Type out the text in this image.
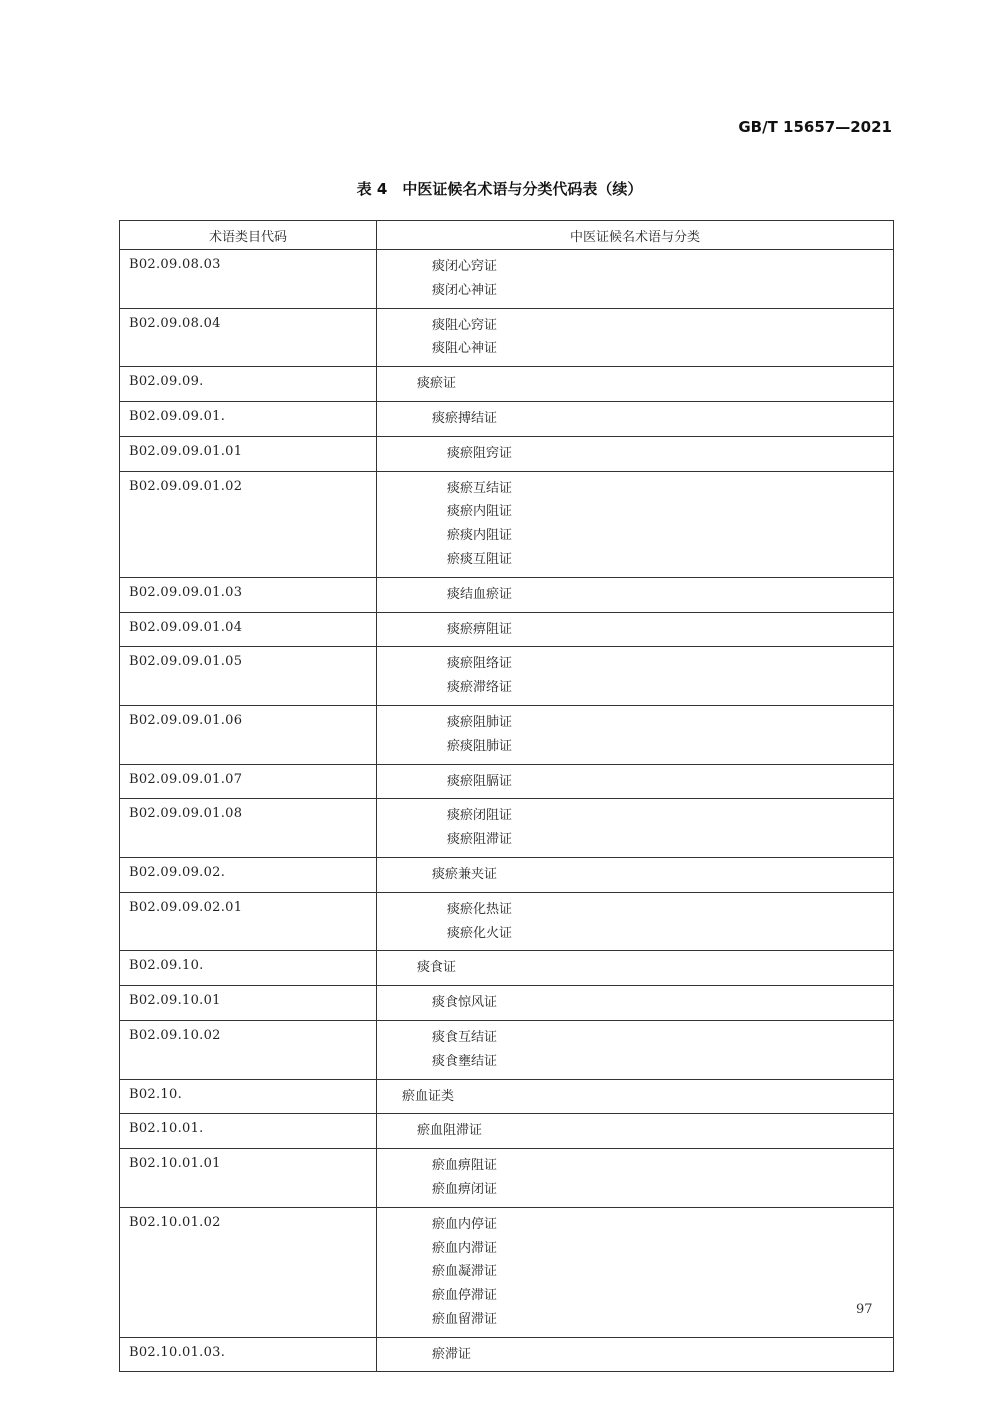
GB/T 15657—2021
表 4　中医证候名术语与分类代码表（续）
术语类目代码	中医证候名术语与分类
B02.09.08.03	痰闭心窍证
痰闭心神证

B02.09.08.04	痰阻心窍证
痰阻心神证

B02.09.09.	痰瘀证

B02.09.09.01.	痰瘀搏结证

B02.09.09.01.01	痰瘀阻窍证

B02.09.09.01.02	痰瘀互结证
痰瘀内阻证
瘀痰内阻证
瘀痰互阻证

B02.09.09.01.03	痰结血瘀证

B02.09.09.01.04	痰瘀痹阻证

B02.09.09.01.05	痰瘀阻络证
痰瘀滞络证

B02.09.09.01.06	痰瘀阻肺证
瘀痰阻肺证

B02.09.09.01.07	痰瘀阻膈证

B02.09.09.01.08	痰瘀闭阻证
痰瘀阻滞证

B02.09.09.02.	痰瘀兼夹证

B02.09.09.02.01	痰瘀化热证
痰瘀化火证

B02.09.10.	痰食证

B02.09.10.01	痰食惊风证

B02.09.10.02	痰食互结证
痰食壅结证

B02.10.	瘀血证类

B02.10.01.	瘀血阻滞证

B02.10.01.01	瘀血痹阻证
瘀血痹闭证

B02.10.01.02	瘀血内停证
瘀血内滞证
瘀血凝滞证
瘀血停滞证
瘀血留滞证

B02.10.01.03.	瘀滞证
97
